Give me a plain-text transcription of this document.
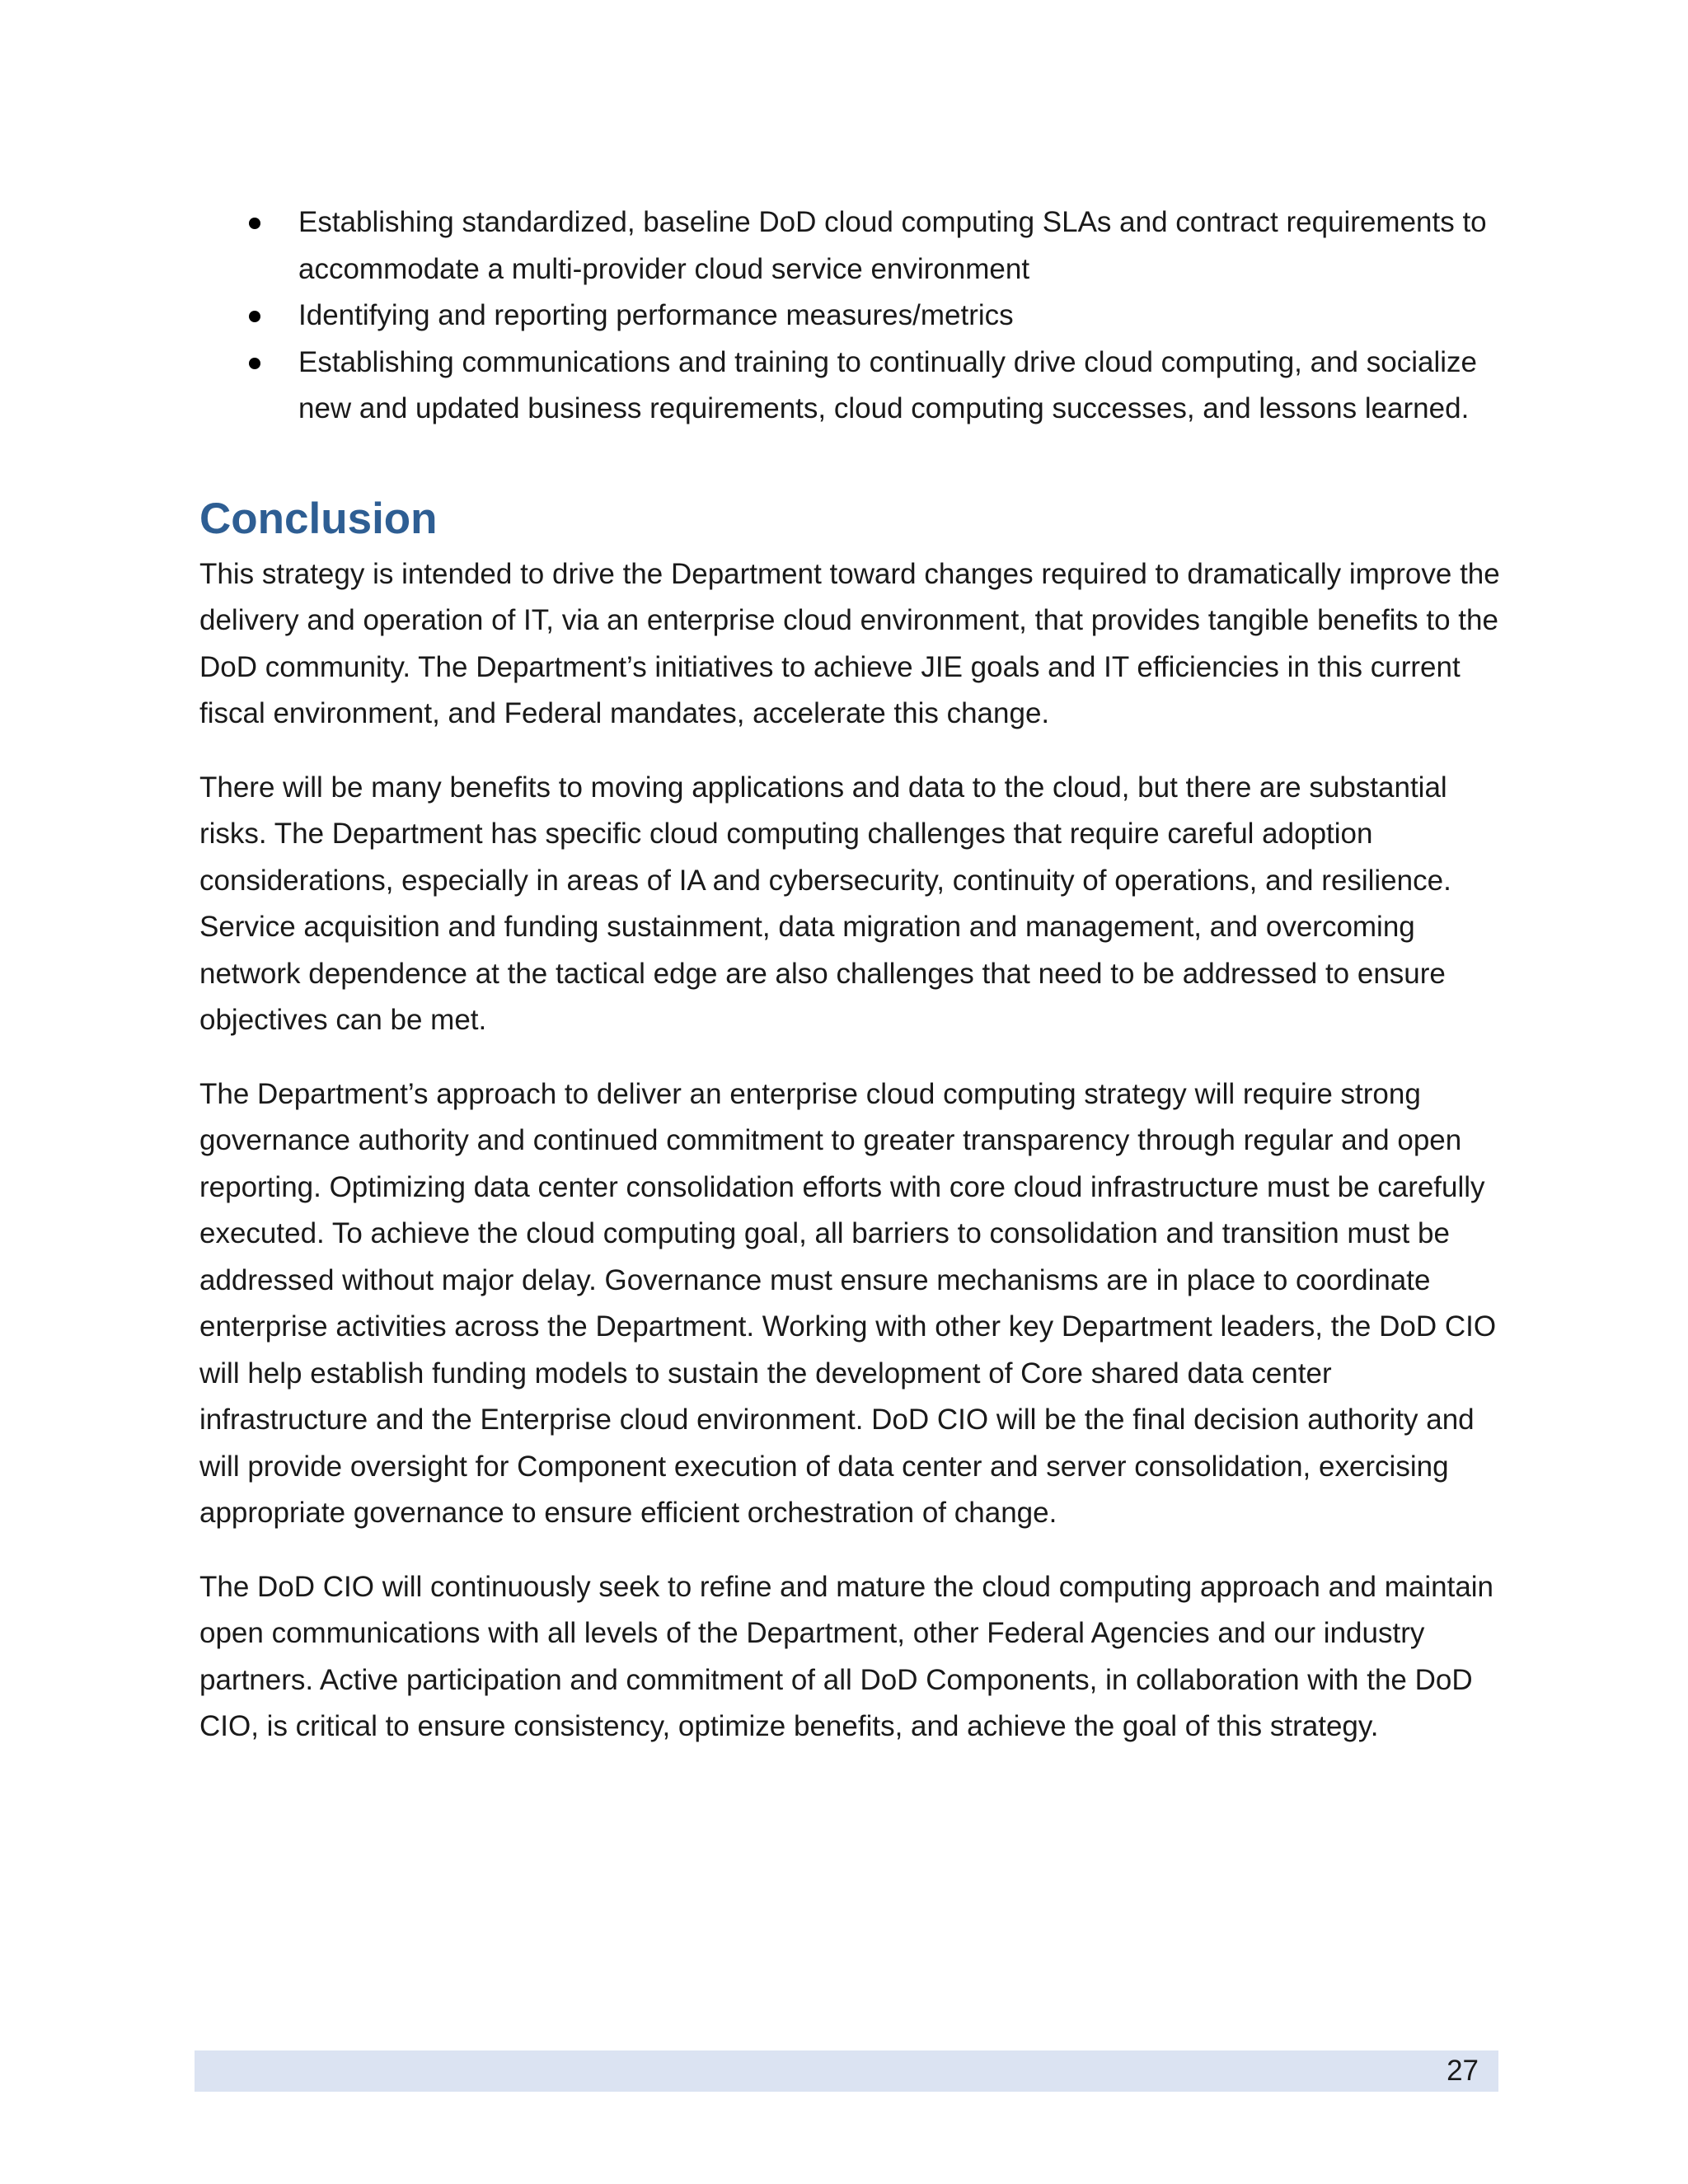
Establishing standardized, baseline DoD cloud computing SLAs and contract requirements to accommodate a multi-provider cloud service environment
Identifying and reporting performance measures/metrics
Establishing communications and training to continually drive cloud computing, and socialize new and updated business requirements, cloud computing successes, and lessons learned.
Conclusion

This strategy is intended to drive the Department toward changes required to dramatically improve the delivery and operation of IT, via an enterprise cloud environment, that provides tangible benefits to the DoD community. The Department’s initiatives to achieve JIE goals and IT efficiencies in this current fiscal environment, and Federal mandates, accelerate this change.

There will be many benefits to moving applications and data to the cloud, but there are substantial risks. The Department has specific cloud computing challenges that require careful adoption considerations, especially in areas of IA and cybersecurity, continuity of operations, and resilience. Service acquisition and funding sustainment, data migration and management, and overcoming network dependence at the tactical edge are also challenges that need to be addressed to ensure objectives can be met.

The Department’s approach to deliver an enterprise cloud computing strategy will require strong governance authority and continued commitment to greater transparency through regular and open reporting. Optimizing data center consolidation efforts with core cloud infrastructure must be carefully executed. To achieve the cloud computing goal, all barriers to consolidation and transition must be addressed without major delay. Governance must ensure mechanisms are in place to coordinate enterprise activities across the Department. Working with other key Department leaders, the DoD CIO will help establish funding models to sustain the development of Core shared data center infrastructure and the Enterprise cloud environment. DoD CIO will be the final decision authority and will provide oversight for Component execution of data center and server consolidation, exercising appropriate governance to ensure efficient orchestration of change.

The DoD CIO will continuously seek to refine and mature the cloud computing approach and maintain open communications with all levels of the Department, other Federal Agencies and our industry partners. Active participation and commitment of all DoD Components, in collaboration with the DoD CIO, is critical to ensure consistency, optimize benefits, and achieve the goal of this strategy.

27
